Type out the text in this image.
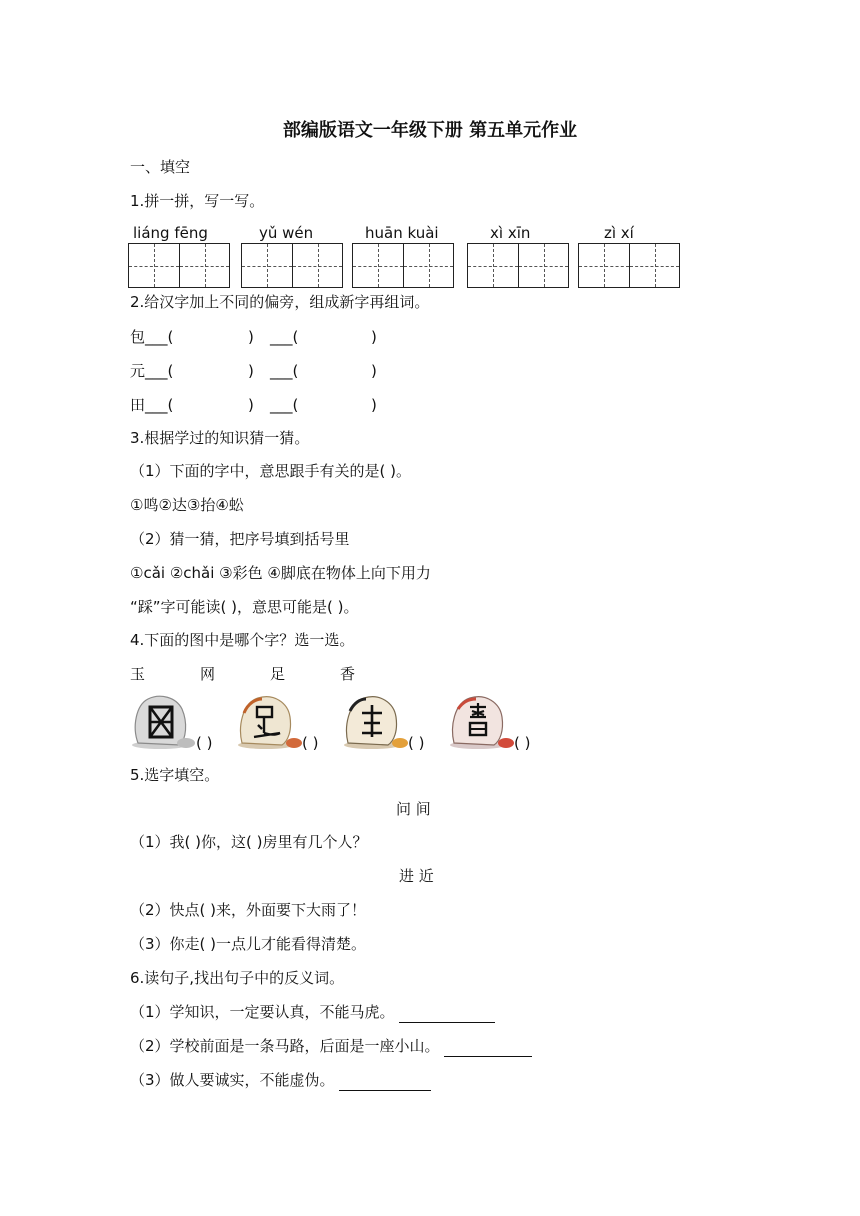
部编版语文一年级下册 第五单元作业
一、填空
1.拼一拼，写一写。
liáng fēng	yǔ wén	huān kuài	xì xīn	zì xí
2.给汉字加上不同的偏旁，组成新字再组词。
包___(	) ___(	)
元___(	) ___(	)
田___(	) ___(	)
3.根据学过的知识猜一猜。
（1）下面的字中，意思跟手有关的是( )。
①鸣②达③抬④蚣
（2）猜一猜，把序号填到括号里
①cǎi ②chǎi ③彩色 ④脚底在物体上向下用力
“踩”字可能读( )，意思可能是( )。
4.下面的图中是哪个字？选一选。
玉	网	足	香
( )	( )	( )	( )
5.选字填空。
问 间
（1）我( )你，这( )房里有几个人？
进 近
（2）快点( )来，外面要下大雨了！
（3）你走( )一点儿才能看得清楚。
6.读句子,找出句子中的反义词。
（1）学知识，一定要认真，不能马虎。
（2）学校前面是一条马路，后面是一座小山。
（3）做人要诚实，不能虚伪。
